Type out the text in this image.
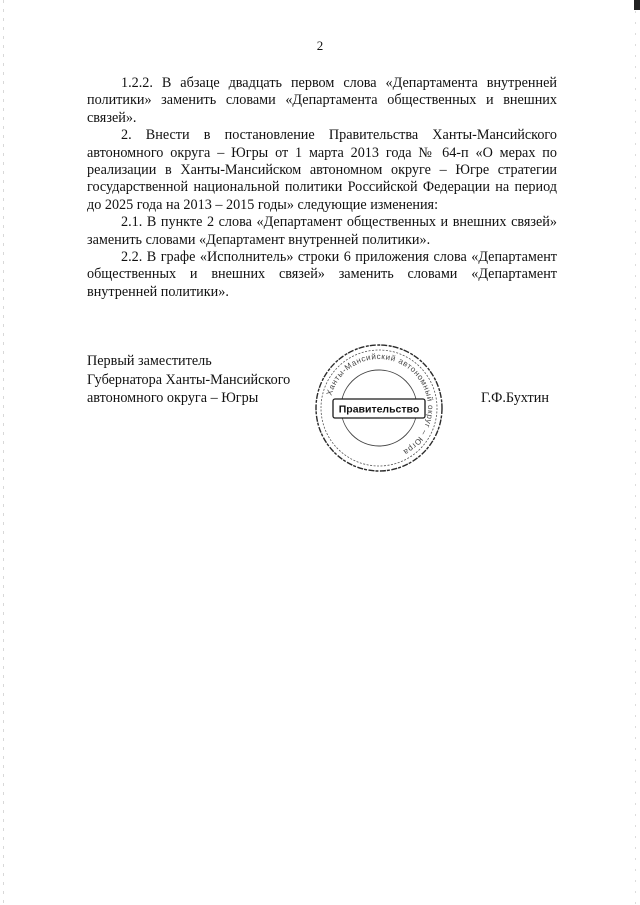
2

1.2.2. В абзаце двадцать первом слова «Департамента внутренней политики» заменить словами «Департамента общественных и внешних связей».

2. Внести в постановление Правительства Ханты-Мансийского автономного округа – Югры от 1 марта 2013 года № 64-п «О мерах по реализации в Ханты-Мансийском автономном округе – Югре стратегии государственной национальной политики Российской Федерации на период до 2025 года на 2013 – 2015 годы» следующие изменения:

2.1. В пункте 2 слова «Департамент общественных и внешних связей» заменить словами «Департамент внутренней политики».

2.2. В графе «Исполнитель» строки 6 приложения слова «Департамент общественных и внешних связей» заменить словами «Департамент внутренней политики».

Первый заместитель
Губернатора Ханты-Мансийского
автономного округа – Югры	Ханты-Мансийский автономный округ – Югра
Правительство
Г.Ф.Бухтин
